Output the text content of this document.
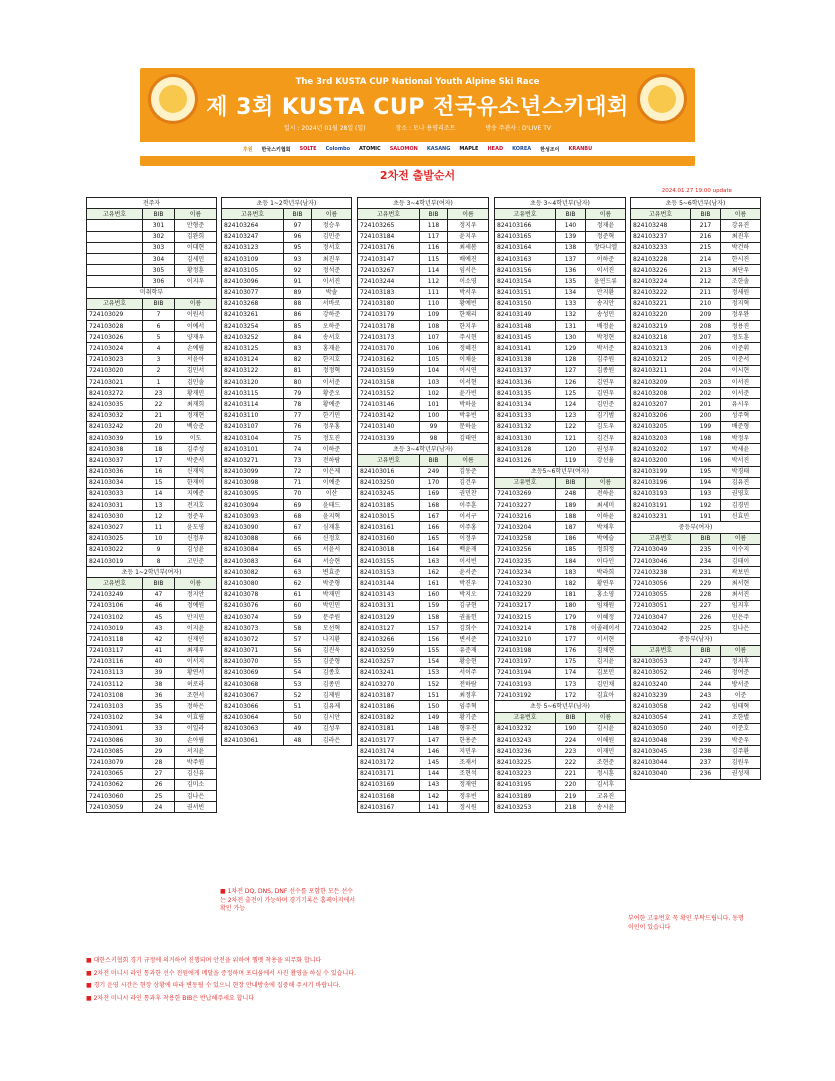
The 3rd KUSTA CUP National Youth Alpine Ski Race
제 3회 KUSTA CUP 전국유소년스키대회
일시 : 2024년 01월 28일 (일)	장소 : 모나 용평리조트	방송 주관사 : D'LIVE TV
후원 한국스키협회 SOLTE Colombo ATOMIC SALOMON KASANG MAPLE HEAD KOREA 한성조이 KRANBU
2차전 출발순서
2024.01.27 19:00 update
전주자		
고유번호	BIB	이름
	301	안형준
	302	김완희
	303	이대현
	304	김세민
	305	황정훈
	306	이지우
미취학부		
고유번호	BIB	이름
724103029	7	이원서
724103028	6	이예서
724103026	5	양재우
724103024	4	손예림
724103023	3	서윤아
724103020	2	김민서
724103021	1	김민솔
824103272	23	황재민
824103035	22	최재희
824103032	21	정재현
824103242	20	백승준
824103039	19	이도
824103038	18	김주성
824103037	17	박준서
824103036	16	신재익
824103034	15	한재이
824103033	14	지예준
824103031	13	전지호
824103030	12	정준우
824103027	11	윤도영
824103025	10	신정우
824103022	9	김성윤
824103019	8	고민준
초등 1~2학년부(여자)		
고유번호	BIB	이름
724103249	47	정지안
724103106	46	정예원
724103102	45	안지민
724103019	43	이지윤
724103118	42	신재인
724103117	41	최재우
724103116	40	이서지
724103113	39	황연서
724103112	38	허로라
724103108	36	조현서
724103103	35	정하은
724103102	34	이효림
724103091	33	이일라
724103086	30	손아림
724103085	29	서지윤
724103079	28	박주원
724103065	27	김신유
724103062	26	김미소
724103060	25	김나은
724103059	24	권서빈
초등 1~2학년부(남자)		
고유번호	BIB	이름
824103264	97	정승우
824103247	96	김민준
824103123	95	정서호
824103109	93	최진우
824103105	92	정석준
824103096	91	이서진
824103077	89	박솔
824103268	88	서바로
824103261	86	강하준
824103254	85	오하준
824103252	84	송서호
824103125	83	홍재윤
824103124	82	한지호
824103122	81	정정혁
824103120	80	이서준
824103115	79	황준오
824103114	78	황예준
824103110	77	한기민
824103107	76	정우홍
824103104	75	정도진
824103101	74	이하준
824103271	73	전하람
824103099	72	이은제
824103098	71	이예준
824103095	70	이산
824103094	69	윤태드
824103093	68	윤지혁
824103090	67	심재훈
824103088	66	신정호
824103084	65	서윤서
824103083	64	서승현
824103082	63	변효준
824103080	62	박준형
824103078	61	박재민
824103076	60	박민민
824103074	59	문주원
824103073	58	모선혁
824103072	57	나지환
824103071	56	김진욱
824103070	55	김준형
824103069	54	김종호
824103068	53	김종민
824103067	52	김제원
824103066	51	김유제
824103064	50	김시안
824103063	49	김성우
824103061	48	김라은
초등 3~4학년부(여자)		
고유번호	BIB	이름
724103265	118	정지우
724103184	117	윤지우
724103176	116	최세봄
724103147	115	배예진
724103267	114	임서은
724103244	112	이소영
724103183	111	박서우
724103180	110	황예빈
724103179	109	한채리
724103178	108	한지우
724103173	107	주시현
724103170	106	정혜진
724103162	105	이채윤
724103159	104	이시연
724103158	103	이서현
724103152	102	윤가빈
724103146	101	박하윤
724103142	100	박유빈
724103140	99	문하윤
724103139	98	김태연
초등 3~4학년부(남자)		
고유번호	BIB	이름
824103016	249	김동준
824103250	170	김건우
824103245	169	권민찬
824103185	168	이주훈
824103015	167	이서구
824103161	166	이주홍
824103160	165	이정우
824103018	164	백윤재
824103155	163	이서빈
824103153	162	윤서준
824103144	161	박진우
824103143	160	박지오
824103131	159	김규현
824103129	158	권율헌
824103127	157	김희수
824103266	156	변서준
824103259	155	유준재
824103257	154	황승현
824103241	153	서이주
824103270	152	전하람
824103187	151	최정후
824103186	150	임주혁
824103182	149	황기준
824103181	148	형우진
824103177	147	한용준
824103174	146	지민우
824103172	145	조재서
824103171	144	조현석
824103169	143	정재연
824103168	142	정우빈
824103167	141	정시원
초등 3~4학년부(남자)		
고유번호	BIB	이름
824103166	140	정재윤
824103165	139	정준혁
824103164	138	장다니엘
824103163	137	이하준
824103156	136	이서진
824103154	135	윤연드류
824103151	134	안지환
824103150	133	송지안
824103149	132	송성민
824103148	131	배정윤
824103145	130	박청현
824103141	129	박서준
824103138	128	김주원
824103137	127	김종원
824103136	126	김연우
824103135	125	김연우
824103134	124	김민준
824103133	123	김기범
824103132	122	김도우
824103130	121	김건우
824103128	120	권성우
824103126	119	강선율
초등5~6학년부(여자)		
고유번호	BIB	이름
724103269	248	전하윤
724103227	189	최세미
724103216	188	이하윤
724103204	187	박채후
724103258	186	박예슬
724103256	185	정희정
724103235	184	이다인
724103234	183	박라희
724103230	182	황연우
724103229	181	홍소영
724103217	180	임채원
724103215	179	이혜정
724103214	178	이졸레이서
724103210	177	이서현
724103198	176	김채현
724103197	175	김지윤
724103194	174	김보민
724103193	173	김민채
724103192	172	김효아
초등 5~6학년부(남자)		
고유번호	BIB	이름
824103232	190	김시윤
824103243	224	이해원
824103236	223	이재민
824103225	222	조현준
824103223	221	정시훈
824103195	220	김서후
824103189	219	고유진
824103253	218	송시윤
초등 5~6학년부(남자)		
고유번호	BIB	이름
824103248	217	강유진
824103237	216	최진후
824103233	215	박건하
824103228	214	한시진
824103226	213	최단우
824103224	212	조한솔
824103222	211	정세원
824103221	210	정지혁
824103220	209	정우완
824103219	208	정용진
824103218	207	정도훈
824103213	206	이준휘
824103212	205	이준서
824103211	204	이시현
824103209	203	이서진
824103208	202	이서준
824103207	201	유시우
824103206	200	성주혁
824103205	199	배준형
824103203	198	박정우
824103202	197	박세윤
824103200	196	박서진
824103199	195	박경태
824103196	194	김유진
824103193	193	권영호
824103191	192	김경민
824103231	191	신효민
중등부(여자)		
고유번호	BIB	이름
724103049	235	이수지
724103046	234	김태이
724103238	231	곽보민
724103056	229	최서현
724103055	228	최서진
724103051	227	임지후
724103047	226	민은주
724103042	225	김나은
중등부(남자)		
고유번호	BIB	이름
824103053	247	정지후
824103052	246	정여준
824103240	244	방서준
824103239	243	이준
824103058	242	임태혁
824103054	241	조한별
824103050	240	이준호
824103048	239	박준우
824103045	238	김주환
824103044	237	김원우
824103040	236	권성재
■ 1차전 DQ, DNS, DNF 선수를 포함한 모든 선수는 2차전 출전이 가능하며 경기기록은 홈페이지에서 확인 가능
부여한 고유번호 꼭 확인 부탁드립니다. 동명이인이 있습니다
■ 대한스키협회 경기 규정에 의거하여 진행되며 안전을 위하여 헬멧 착용을 의무화 합니다
■ 2차전 미니시 라인 통과한 선수 전원에게 메달을 증정하며 포디움에서 사진 촬영을 하실 수 있습니다.
■ 경기 운영 시간은 현장 상황에 따라 변동될 수 있으니 현장 안내방송에 집중해 주시기 바랍니다.
■ 2차전 미니시 라인 통과후 착용한 BIB은 반납해주세요 합니다
